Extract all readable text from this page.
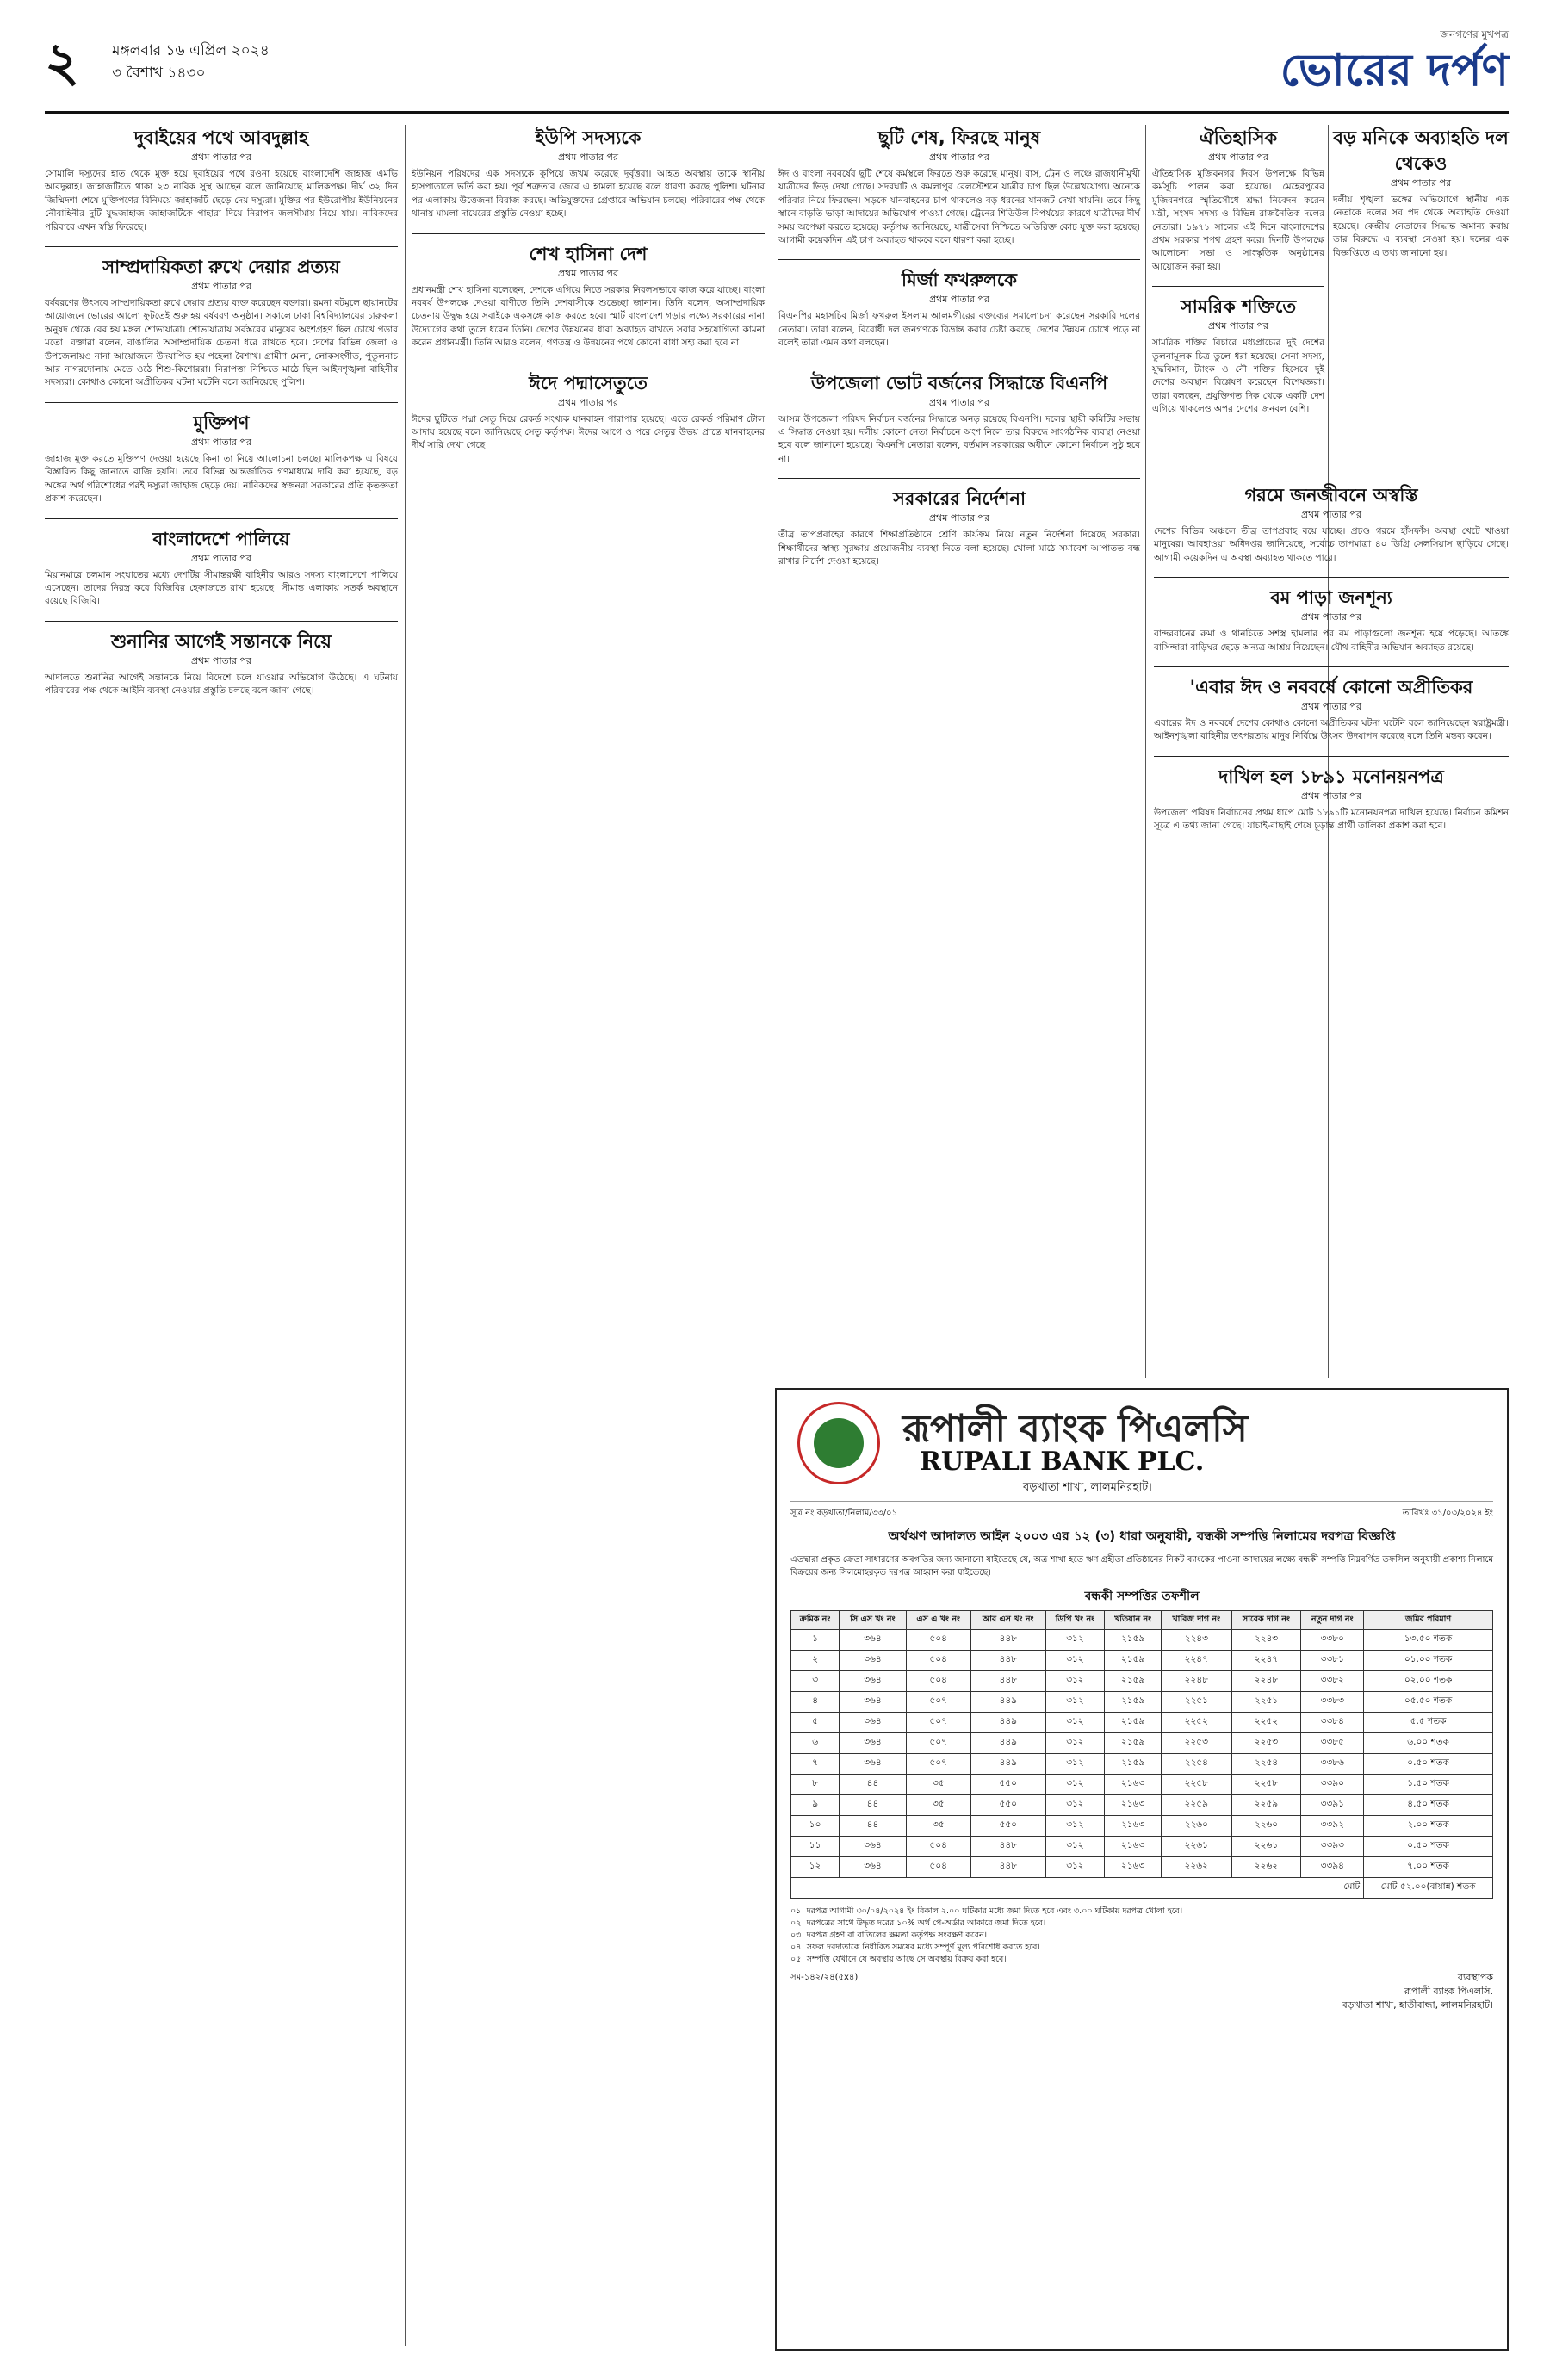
২ মঙ্গলবার ১৬ এপ্রিল ২০২৪
৩ বৈশাখ ১৪৩০
জনগণের মুখপত্র
ভোরের দর্পণ
দুবাইয়ের পথে আবদুল্লাহ
প্রথম পাতার পর
সোমালি দস্যুদের হাত থেকে মুক্ত হয়ে দুবাইয়ের পথে রওনা হয়েছে বাংলাদেশি জাহাজ এমভি আবদুল্লাহ। জাহাজটিতে থাকা ২৩ নাবিক সুস্থ আছেন বলে জানিয়েছে মালিকপক্ষ। দীর্ঘ ৩২ দিন জিম্মিদশা শেষে মুক্তিপণের বিনিময়ে জাহাজটি ছেড়ে দেয় দস্যুরা। মুক্তির পর ইউরোপীয় ইউনিয়নের নৌবাহিনীর দুটি যুদ্ধজাহাজ জাহাজটিকে পাহারা দিয়ে নিরাপদ জলসীমায় নিয়ে যায়। নাবিকদের পরিবারে এখন স্বস্তি ফিরেছে।
সাম্প্রদায়িকতা রুখে দেয়ার প্রত্যয়
প্রথম পাতার পর
বর্ষবরণের উৎসবে সাম্প্রদায়িকতা রুখে দেয়ার প্রত্যয় ব্যক্ত করেছেন বক্তারা। রমনা বটমূলে ছায়ানটের আয়োজনে ভোরের আলো ফুটতেই শুরু হয় বর্ষবরণ অনুষ্ঠান। সকালে ঢাকা বিশ্ববিদ্যালয়ের চারুকলা অনুষদ থেকে বের হয় মঙ্গল শোভাযাত্রা। শোভাযাত্রায় সর্বস্তরের মানুষের অংশগ্রহণ ছিল চোখে পড়ার মতো। বক্তারা বলেন, বাঙালির অসাম্প্রদায়িক চেতনা ধরে রাখতে হবে। দেশের বিভিন্ন জেলা ও উপজেলায়ও নানা আয়োজনে উদযাপিত হয় পহেলা বৈশাখ। গ্রামীণ মেলা, লোকসংগীত, পুতুলনাচ আর নাগরদোলায় মেতে ওঠে শিশু-কিশোররা। নিরাপত্তা নিশ্চিতে মাঠে ছিল আইনশৃঙ্খলা বাহিনীর সদস্যরা। কোথাও কোনো অপ্রীতিকর ঘটনা ঘটেনি বলে জানিয়েছে পুলিশ।
মুক্তিপণ
প্রথম পাতার পর
জাহাজ মুক্ত করতে মুক্তিপণ দেওয়া হয়েছে কিনা তা নিয়ে আলোচনা চলছে। মালিকপক্ষ এ বিষয়ে বিস্তারিত কিছু জানাতে রাজি হয়নি। তবে বিভিন্ন আন্তর্জাতিক গণমাধ্যমে দাবি করা হয়েছে, বড় অঙ্কের অর্থ পরিশোধের পরই দস্যুরা জাহাজ ছেড়ে দেয়। নাবিকদের স্বজনরা সরকারের প্রতি কৃতজ্ঞতা প্রকাশ করেছেন।
বাংলাদেশে পালিয়ে
প্রথম পাতার পর
মিয়ানমারে চলমান সংঘাতের মধ্যে দেশটির সীমান্তরক্ষী বাহিনীর আরও সদস্য বাংলাদেশে পালিয়ে এসেছেন। তাদের নিরস্ত্র করে বিজিবির হেফাজতে রাখা হয়েছে। সীমান্ত এলাকায় সতর্ক অবস্থানে রয়েছে বিজিবি।
শুনানির আগেই সন্তানকে নিয়ে
প্রথম পাতার পর
আদালতে শুনানির আগেই সন্তানকে নিয়ে বিদেশে চলে যাওয়ার অভিযোগ উঠেছে। এ ঘটনায় পরিবারের পক্ষ থেকে আইনি ব্যবস্থা নেওয়ার প্রস্তুতি চলছে বলে জানা গেছে।
ইউপি সদস্যকে
প্রথম পাতার পর
ইউনিয়ন পরিষদের এক সদস্যকে কুপিয়ে জখম করেছে দুর্বৃত্তরা। আহত অবস্থায় তাকে স্থানীয় হাসপাতালে ভর্তি করা হয়। পূর্ব শত্রুতার জেরে এ হামলা হয়েছে বলে ধারণা করছে পুলিশ। ঘটনার পর এলাকায় উত্তেজনা বিরাজ করছে। অভিযুক্তদের গ্রেপ্তারে অভিযান চলছে। পরিবারের পক্ষ থেকে থানায় মামলা দায়েরের প্রস্তুতি নেওয়া হচ্ছে।
শেখ হাসিনা দেশ
প্রথম পাতার পর
প্রধানমন্ত্রী শেখ হাসিনা বলেছেন, দেশকে এগিয়ে নিতে সরকার নিরলসভাবে কাজ করে যাচ্ছে। বাংলা নববর্ষ উপলক্ষে দেওয়া বাণীতে তিনি দেশবাসীকে শুভেচ্ছা জানান। তিনি বলেন, অসাম্প্রদায়িক চেতনায় উদ্বুদ্ধ হয়ে সবাইকে একসঙ্গে কাজ করতে হবে। স্মার্ট বাংলাদেশ গড়ার লক্ষ্যে সরকারের নানা উদ্যোগের কথা তুলে ধরেন তিনি। দেশের উন্নয়নের ধারা অব্যাহত রাখতে সবার সহযোগিতা কামনা করেন প্রধানমন্ত্রী। তিনি আরও বলেন, গণতন্ত্র ও উন্নয়নের পথে কোনো বাধা সহ্য করা হবে না।
ঈদে পদ্মাসেতুতে
প্রথম পাতার পর
ঈদের ছুটিতে পদ্মা সেতু দিয়ে রেকর্ড সংখ্যক যানবাহন পারাপার হয়েছে। এতে রেকর্ড পরিমাণ টোল আদায় হয়েছে বলে জানিয়েছে সেতু কর্তৃপক্ষ। ঈদের আগে ও পরে সেতুর উভয় প্রান্তে যানবাহনের দীর্ঘ সারি দেখা গেছে।
ছুটি শেষ, ফিরছে মানুষ
প্রথম পাতার পর
ঈদ ও বাংলা নববর্ষের ছুটি শেষে কর্মস্থলে ফিরতে শুরু করেছে মানুষ। বাস, ট্রেন ও লঞ্চে রাজধানীমুখী যাত্রীদের ভিড় দেখা গেছে। সদরঘাট ও কমলাপুর রেলস্টেশনে যাত্রীর চাপ ছিল উল্লেখযোগ্য। অনেকে পরিবার নিয়ে ফিরছেন। সড়কে যানবাহনের চাপ থাকলেও বড় ধরনের যানজট দেখা যায়নি। তবে কিছু স্থানে বাড়তি ভাড়া আদায়ের অভিযোগ পাওয়া গেছে। ট্রেনের শিডিউল বিপর্যয়ের কারণে যাত্রীদের দীর্ঘ সময় অপেক্ষা করতে হয়েছে। কর্তৃপক্ষ জানিয়েছে, যাত্রীসেবা নিশ্চিতে অতিরিক্ত কোচ যুক্ত করা হয়েছে। আগামী কয়েকদিন এই চাপ অব্যাহত থাকবে বলে ধারণা করা হচ্ছে।
মির্জা ফখরুলকে
প্রথম পাতার পর
বিএনপির মহাসচিব মির্জা ফখরুল ইসলাম আলমগীরের বক্তব্যের সমালোচনা করেছেন সরকারি দলের নেতারা। তারা বলেন, বিরোধী দল জনগণকে বিভ্রান্ত করার চেষ্টা করছে। দেশের উন্নয়ন চোখে পড়ে না বলেই তারা এমন কথা বলছেন।
উপজেলা ভোট বর্জনের সিদ্ধান্তে বিএনপি
প্রথম পাতার পর
আসন্ন উপজেলা পরিষদ নির্বাচন বর্জনের সিদ্ধান্তে অনড় রয়েছে বিএনপি। দলের স্থায়ী কমিটির সভায় এ সিদ্ধান্ত নেওয়া হয়। দলীয় কোনো নেতা নির্বাচনে অংশ নিলে তার বিরুদ্ধে সাংগঠনিক ব্যবস্থা নেওয়া হবে বলে জানানো হয়েছে। বিএনপি নেতারা বলেন, বর্তমান সরকারের অধীনে কোনো নির্বাচন সুষ্ঠু হবে না।
সরকারের নির্দেশনা
প্রথম পাতার পর
তীব্র তাপপ্রবাহের কারণে শিক্ষাপ্রতিষ্ঠানে শ্রেণি কার্যক্রম নিয়ে নতুন নির্দেশনা দিয়েছে সরকার। শিক্ষার্থীদের স্বাস্থ্য সুরক্ষায় প্রয়োজনীয় ব্যবস্থা নিতে বলা হয়েছে। খোলা মাঠে সমাবেশ আপাতত বন্ধ রাখার নির্দেশ দেওয়া হয়েছে।
ঐতিহাসিক
প্রথম পাতার পর
ঐতিহাসিক মুজিবনগর দিবস উপলক্ষে বিভিন্ন কর্মসূচি পালন করা হয়েছে। মেহেরপুরের মুজিবনগরে স্মৃতিসৌধে শ্রদ্ধা নিবেদন করেন মন্ত্রী, সংসদ সদস্য ও বিভিন্ন রাজনৈতিক দলের নেতারা। ১৯৭১ সালের এই দিনে বাংলাদেশের প্রথম সরকার শপথ গ্রহণ করে। দিনটি উপলক্ষে আলোচনা সভা ও সাংস্কৃতিক অনুষ্ঠানের আয়োজন করা হয়।
সামরিক শক্তিতে
প্রথম পাতার পর
সামরিক শক্তির বিচারে মধ্যপ্রাচ্যের দুই দেশের তুলনামূলক চিত্র তুলে ধরা হয়েছে। সেনা সদস্য, যুদ্ধবিমান, ট্যাংক ও নৌ শক্তির হিসেবে দুই দেশের অবস্থান বিশ্লেষণ করেছেন বিশেষজ্ঞরা। তারা বলছেন, প্রযুক্তিগত দিক থেকে একটি দেশ এগিয়ে থাকলেও অপর দেশের জনবল বেশি।
বড় মনিকে অব্যাহতি দল থেকেও
প্রথম পাতার পর
দলীয় শৃঙ্খলা ভঙ্গের অভিযোগে স্থানীয় এক নেতাকে দলের সব পদ থেকে অব্যাহতি দেওয়া হয়েছে। কেন্দ্রীয় নেতাদের সিদ্ধান্ত অমান্য করায় তার বিরুদ্ধে এ ব্যবস্থা নেওয়া হয়। দলের এক বিজ্ঞপ্তিতে এ তথ্য জানানো হয়।
গরমে জনজীবনে অস্বস্তি
প্রথম পাতার পর
দেশের বিভিন্ন অঞ্চলে তীব্র তাপপ্রবাহ বয়ে যাচ্ছে। প্রচণ্ড গরমে হাঁসফাঁস অবস্থা খেটে খাওয়া মানুষের। আবহাওয়া অধিদপ্তর জানিয়েছে, সর্বোচ্চ তাপমাত্রা ৪০ ডিগ্রি সেলসিয়াস ছাড়িয়ে গেছে। আগামী কয়েকদিন এ অবস্থা অব্যাহত থাকতে পারে।
বম পাড়া জনশূন্য
প্রথম পাতার পর
বান্দরবানের রুমা ও থানচিতে সশস্ত্র হামলার পর বম পাড়াগুলো জনশূন্য হয়ে পড়েছে। আতঙ্কে বাসিন্দারা বাড়িঘর ছেড়ে অন্যত্র আশ্রয় নিয়েছেন। যৌথ বাহিনীর অভিযান অব্যাহত রয়েছে।
'এবার ঈদ ও নববর্ষে কোনো অপ্রীতিকর
প্রথম পাতার পর
এবারের ঈদ ও নববর্ষে দেশের কোথাও কোনো অপ্রীতিকর ঘটনা ঘটেনি বলে জানিয়েছেন স্বরাষ্ট্রমন্ত্রী। আইনশৃঙ্খলা বাহিনীর তৎপরতায় মানুষ নির্বিঘ্নে উৎসব উদযাপন করেছে বলে তিনি মন্তব্য করেন।
দাখিল হল ১৮৯১ মনোনয়নপত্র
প্রথম পাতার পর
উপজেলা পরিষদ নির্বাচনের প্রথম ধাপে মোট ১৮৯১টি মনোনয়নপত্র দাখিল হয়েছে। নির্বাচন কমিশন সূত্রে এ তথ্য জানা গেছে। যাচাই-বাছাই শেষে চূড়ান্ত প্রার্থী তালিকা প্রকাশ করা হবে।
রূপালী ব্যাংক পিএলসি
RUPALI BANK PLC.
বড়খাতা শাখা, লালমনিরহাট।
সূত্র নং বড়খাতা/নিলাম/৩৩/০১	তারিখঃ ৩১/০৩/২০২৪ ইং
অর্থঋণ আদালত আইন ২০০৩ এর ১২ (৩) ধারা অনুযায়ী, বন্ধকী সম্পত্তি নিলামের দরপত্র বিজ্ঞপ্তি
এতদ্বারা প্রকৃত ক্রেতা সাধারণের অবগতির জন্য জানানো যাইতেছে যে, অত্র শাখা হতে ঋণ গ্রহীতা প্রতিষ্ঠানের নিকট ব্যাংকের পাওনা আদায়ের লক্ষ্যে বন্ধকী সম্পত্তি নিম্নবর্ণিত তফসিল অনুযায়ী প্রকাশ্য নিলামে বিক্রয়ের জন্য সিলমোহরকৃত দরপত্র আহ্বান করা যাইতেছে।
বন্ধকী সম্পত্তির তফশীল
ক্রমিক নং	সি এস খং নং	এস এ খং নং	আর এস খং নং	ডিপি খং নং	খতিয়ান নং	খারিজ দাগ নং	সাবেক দাগ নং	নতুন দাগ নং	জমির পরিমাণ
১	৩৬৪	৫০৪	৪৪৮	৩১২	২১৫৯	২২৪৩	২২৪৩	৩৩৮০	১৩.৫০ শতক
২	৩৬৪	৫০৪	৪৪৮	৩১২	২১৫৯	২২৪৭	২২৪৭	৩৩৮১	০১.০০ শতক
৩	৩৬৪	৫০৪	৪৪৮	৩১২	২১৫৯	২২৪৮	২২৪৮	৩৩৮২	০২.০০ শতক
৪	৩৬৪	৫০৭	৪৪৯	৩১২	২১৫৯	২২৫১	২২৫১	৩৩৮৩	০৫.৫০ শতক
৫	৩৬৪	৫০৭	৪৪৯	৩১২	২১৫৯	২২৫২	২২৫২	৩৩৮৪	৫.৫ শতক
৬	৩৬৪	৫০৭	৪৪৯	৩১২	২১৫৯	২২৫৩	২২৫৩	৩৩৮৫	৬.০০ শতক
৭	৩৬৪	৫০৭	৪৪৯	৩১২	২১৫৯	২২৫৪	২২৫৪	৩৩৮৬	০.৫০ শতক
৮	৪৪	৩৫	৫৫০	৩১২	২১৬৩	২২৫৮	২২৫৮	৩৩৯০	১.৫০ শতক
৯	৪৪	৩৫	৫৫০	৩১২	২১৬৩	২২৫৯	২২৫৯	৩৩৯১	৪.৫০ শতক
১০	৪৪	৩৫	৫৫০	৩১২	২১৬৩	২২৬০	২২৬০	৩৩৯২	২.০০ শতক
১১	৩৬৪	৫০৪	৪৪৮	৩১২	২১৬৩	২২৬১	২২৬১	৩৩৯৩	০.৫০ শতক
১২	৩৬৪	৫০৪	৪৪৮	৩১২	২১৬৩	২২৬২	২২৬২	৩৩৯৪	৭.০০ শতক
মোট									মোট ৫২.০০(বায়ান্ন) শতক
০১। দরপত্র আগামী ৩০/০৪/২০২৪ ইং বিকাল ২.০০ ঘটিকার মধ্যে জমা দিতে হবে এবং ৩.০০ ঘটিকায় দরপত্র খোলা হবে।
০২। দরপত্রের সাথে উদ্ধৃত দরের ১০% অর্থ পে-অর্ডার আকারে জমা দিতে হবে।
০৩। দরপত্র গ্রহণ বা বাতিলের ক্ষমতা কর্তৃপক্ষ সংরক্ষণ করেন।
০৪। সফল দরদাতাকে নির্ধারিত সময়ের মধ্যে সম্পূর্ণ মূল্য পরিশোধ করতে হবে।
০৫। সম্পত্তি যেখানে যে অবস্থায় আছে সে অবস্থায় বিক্রয় করা হবে।
সম-১৪২/২৪(৫x৪)	ব্যবস্থাপক
রূপালী ব্যাংক পিএলসি.
বড়খাতা শাখা, হাতীবান্ধা, লালমনিরহাট।
